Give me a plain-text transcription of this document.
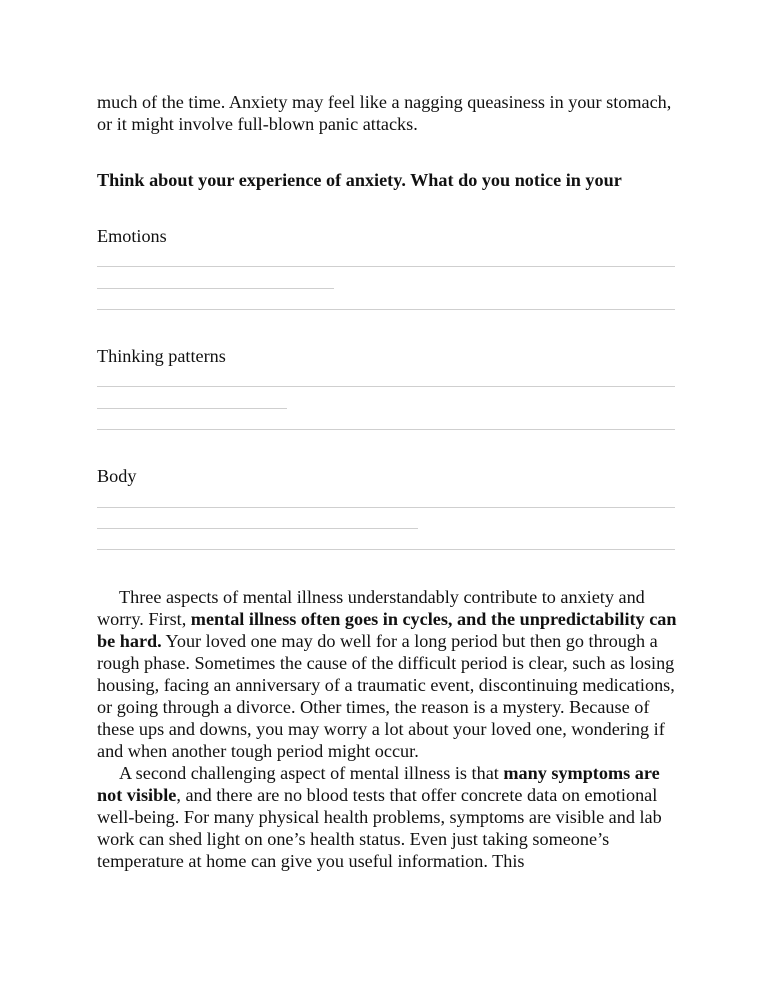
much of the time. Anxiety may feel like a nagging queasiness in your stomach, or it might involve full-blown panic attacks.

Think about your experience of anxiety. What do you notice in your

Emotions

Thinking patterns

Body

Three aspects of mental illness understandably contribute to anxiety and worry. First, mental illness often goes in cycles, and the unpredictability can be hard. Your loved one may do well for a long period but then go through a rough phase. Sometimes the cause of the difficult period is clear, such as losing housing, facing an anniversary of a traumatic event, discontinuing medications, or going through a divorce. Other times, the reason is a mystery. Because of these ups and downs, you may worry a lot about your loved one, wondering if and when another tough period might occur.

A second challenging aspect of mental illness is that many symptoms are not visible, and there are no blood tests that offer concrete data on emotional well-being. For many physical health problems, symptoms are visible and lab work can shed light on one’s health status. Even just taking someone’s temperature at home can give you useful information. This
